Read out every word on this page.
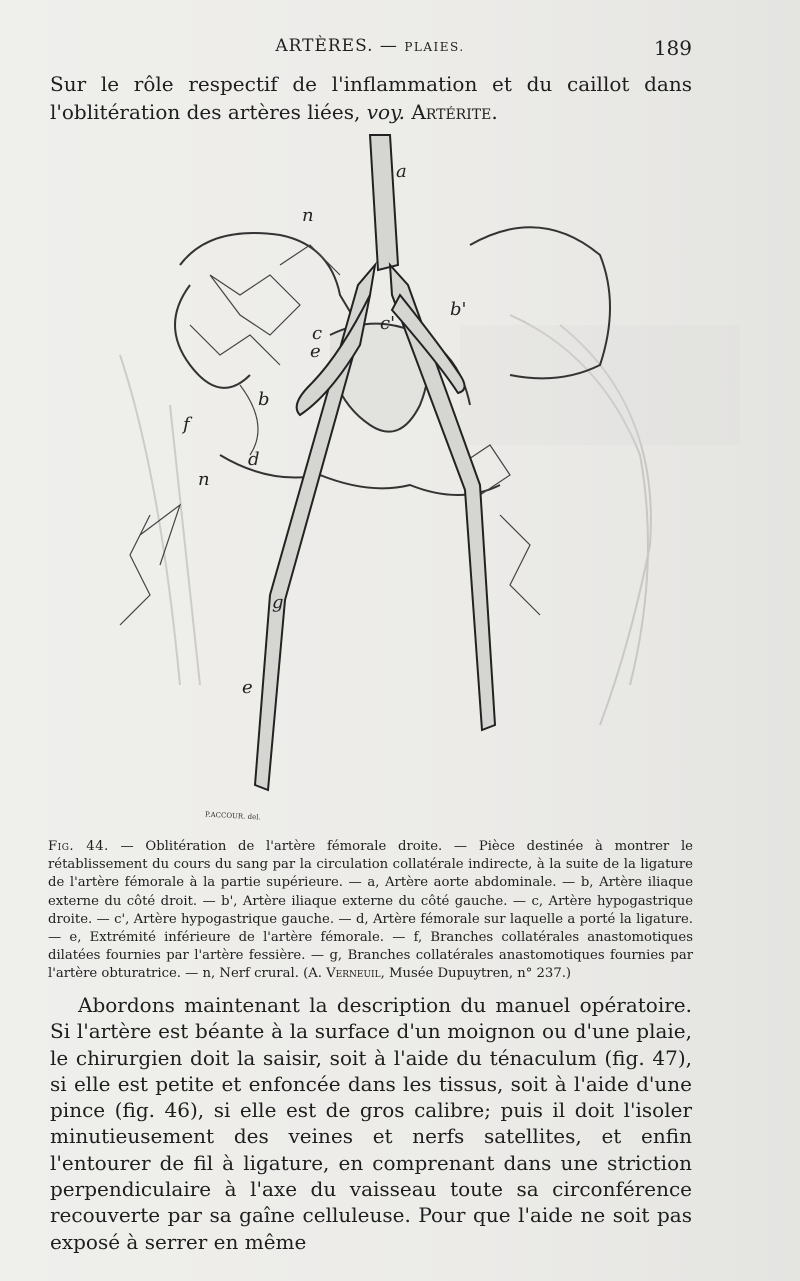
ARTÈRES. — PLAIES.	189
Sur le rôle respectif de l'inflammation et du caillot dans l'oblitération des artères liées, voy. Artérite.
a
b
b'
c	c'
d
e
e
f
g
n
n
P.ACCOUR. del.
Fig. 44. — Oblitération de l'artère fémorale droite. — Pièce destinée à montrer le rétablissement du cours du sang par la circulation collatérale indirecte, à la suite de la ligature de l'artère fémorale à la partie supérieure. — a, Artère aorte abdominale. — b, Artère iliaque externe du côté droit. — b', Artère iliaque externe du côté gauche. — c, Artère hypogastrique droite. — c', Artère hypogastrique gauche. — d, Artère fémorale sur laquelle a porté la ligature. — e, Extrémité inférieure de l'artère fémorale. — f, Branches collatérales anastomotiques dilatées fournies par l'artère fessière. — g, Branches collatérales anastomotiques fournies par l'artère obturatrice. — n, Nerf crural. (A. Verneuil, Musée Dupuytren, n° 237.)
Abordons maintenant la description du manuel opératoire. Si l'artère est béante à la surface d'un moignon ou d'une plaie, le chirurgien doit la saisir, soit à l'aide du ténaculum (fig. 47), si elle est petite et enfoncée dans les tissus, soit à l'aide d'une pince (fig. 46), si elle est de gros calibre; puis il doit l'isoler minutieusement des veines et nerfs satellites, et enfin l'entourer de fil à ligature, en comprenant dans une striction perpendiculaire à l'axe du vaisseau toute sa circonférence recouverte par sa gaîne celluleuse. Pour que l'aide ne soit pas exposé à serrer en même
